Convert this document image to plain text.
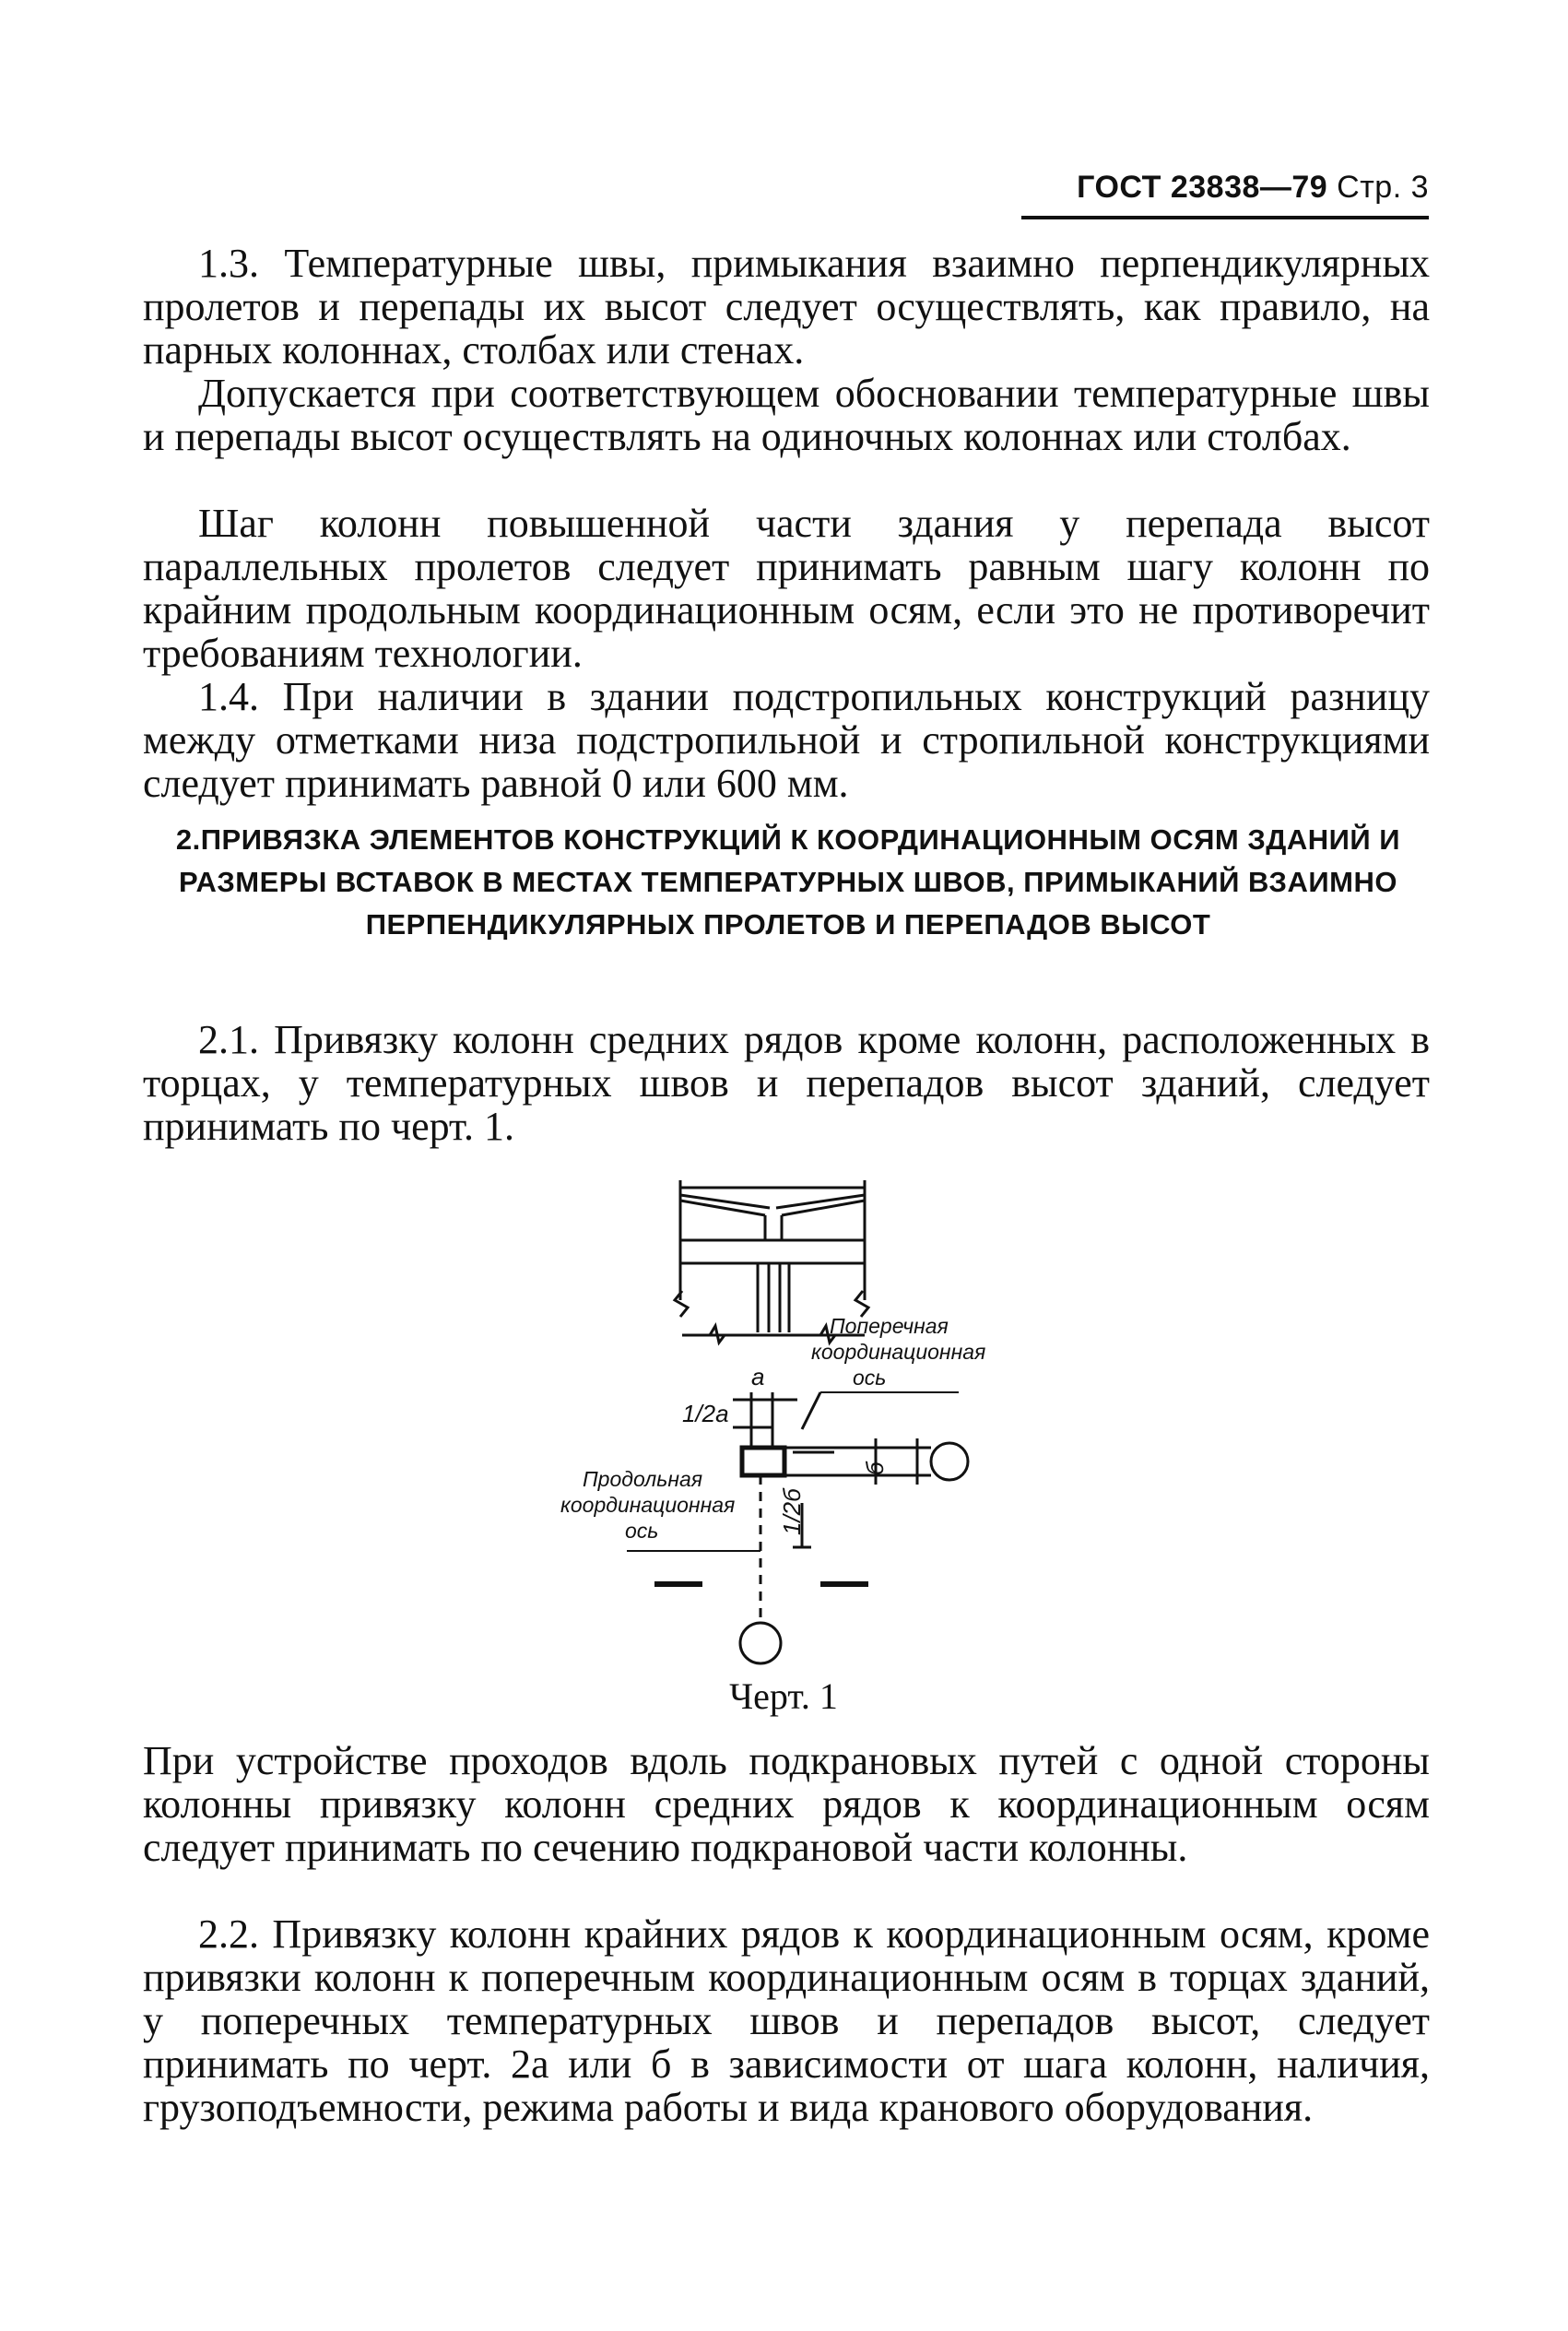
ГОСТ 23838—79 Стр. 3

1.3. Температурные швы, примыкания взаимно перпендикулярных пролетов и перепады их высот следует осуществлять, как правило, на парных колоннах, столбах или стенах.

Допускается при соответствующем обосновании температурные швы и перепады высот осуществлять на одиночных колоннах или столбах.

Шаг колонн повышенной части здания у перепада высот параллельных пролетов следует принимать равным шагу колонн по крайним продольным координационным осям, если это не противоречит требованиям технологии.

1.4. При наличии в здании подстропильных конструкций разницу между отметками низа подстропильной и стропильной конструкциями следует принимать равной 0 или 600 мм.

2.ПРИВЯЗКА ЭЛЕМЕНТОВ КОНСТРУКЦИЙ К КООРДИНАЦИОННЫМ ОСЯМ ЗДАНИЙ И РАЗМЕРЫ ВСТАВОК В МЕСТАХ ТЕМПЕРАТУРНЫХ ШВОВ, ПРИМЫКАНИЙ ВЗАИМНО ПЕРПЕНДИКУЛЯРНЫХ ПРОЛЕТОВ И ПЕРЕПАДОВ ВЫСОТ

2.1. Привязку колонн средних рядов кроме колонн, расположенных в торцах, у температурных швов и перепадов высот зданий, следует принимать по черт. 1.

a
1/2a
б
1/2б
Поперечная
координационная
ось
Продольная
координационная
ось
Черт. 1

При устройстве проходов вдоль подкрановых путей с одной стороны колонны привязку колонн средних рядов к координационным осям следует принимать по сечению подкрановой части колонны.

2.2. Привязку колонн крайних рядов к координационным осям, кроме привязки колонн к поперечным координационным осям в торцах зданий, у поперечных температурных швов и перепадов высот, следует принимать по черт. 2а или б в зависимости от шага колонн, наличия, грузоподъемности, режима работы и вида кранового оборудования.
